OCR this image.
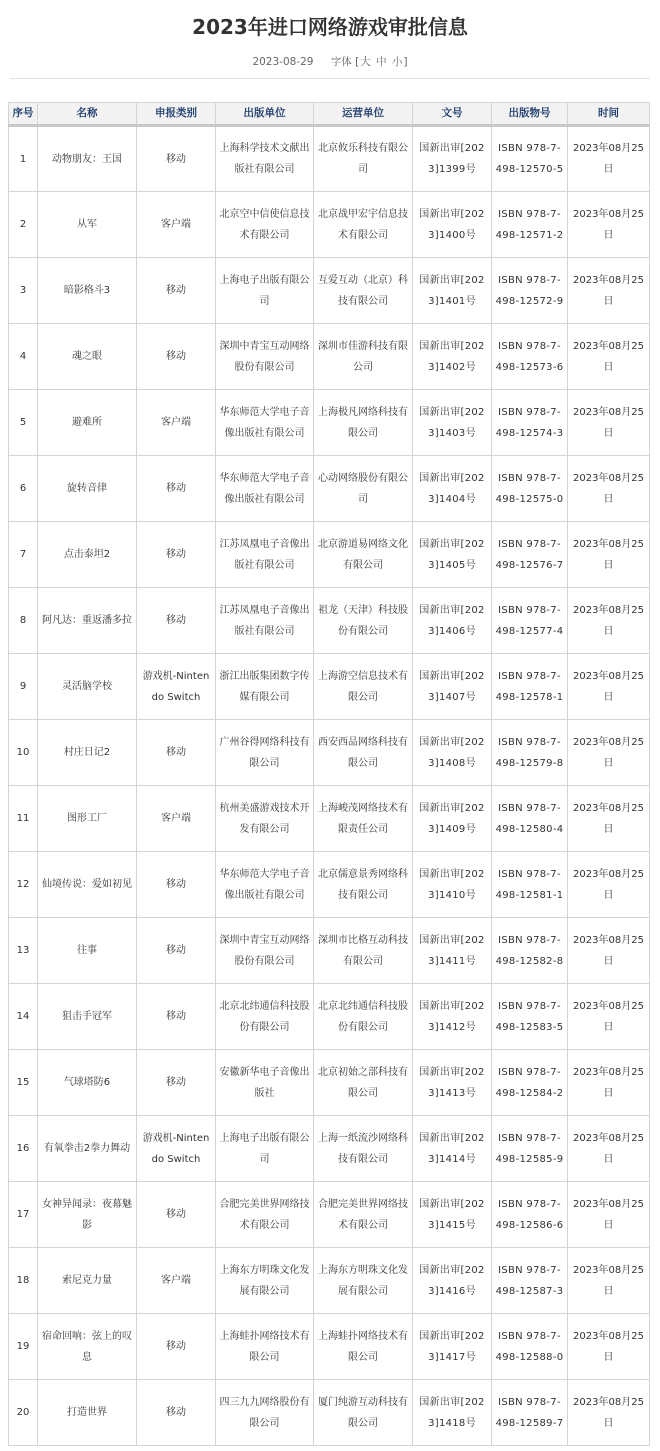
2023年进口网络游戏审批信息
2023-08-29 字体 [大 中 小]
序号	名称	申报类别	出版单位	运营单位	文号	出版物号	时间
1	动物朋友：王国	移动	上海科学技术文献出版社有限公司	北京攸乐科技有限公司	国新出审[2023]1399号	ISBN 978-7-498-12570-5	2023年08月25日
2	从军	客户端	北京空中信使信息技术有限公司	北京战甲宏宇信息技术有限公司	国新出审[2023]1400号	ISBN 978-7-498-12571-2	2023年08月25日
3	暗影格斗3	移动	上海电子出版有限公司	互爱互动（北京）科技有限公司	国新出审[2023]1401号	ISBN 978-7-498-12572-9	2023年08月25日
4	魂之眼	移动	深圳中青宝互动网络股份有限公司	深圳市佳游科技有限公司	国新出审[2023]1402号	ISBN 978-7-498-12573-6	2023年08月25日
5	避难所	客户端	华东师范大学电子音像出版社有限公司	上海极凡网络科技有限公司	国新出审[2023]1403号	ISBN 978-7-498-12574-3	2023年08月25日
6	旋转音律	移动	华东师范大学电子音像出版社有限公司	心动网络股份有限公司	国新出审[2023]1404号	ISBN 978-7-498-12575-0	2023年08月25日
7	点击泰坦2	移动	江苏凤凰电子音像出版社有限公司	北京游道易网络文化有限公司	国新出审[2023]1405号	ISBN 978-7-498-12576-7	2023年08月25日
8	阿凡达：重返潘多拉	移动	江苏凤凰电子音像出版社有限公司	祖龙（天津）科技股份有限公司	国新出审[2023]1406号	ISBN 978-7-498-12577-4	2023年08月25日
9	灵活脑学校	游戏机-Nintendo Switch	浙江出版集团数字传媒有限公司	上海游空信息技术有限公司	国新出审[2023]1407号	ISBN 978-7-498-12578-1	2023年08月25日
10	村庄日记2	移动	广州谷得网络科技有限公司	西安西品网络科技有限公司	国新出审[2023]1408号	ISBN 978-7-498-12579-8	2023年08月25日
11	图形工厂	客户端	杭州美盛游戏技术开发有限公司	上海峻茂网络技术有限责任公司	国新出审[2023]1409号	ISBN 978-7-498-12580-4	2023年08月25日
12	仙境传说：爱如初见	移动	华东师范大学电子音像出版社有限公司	北京儒意景秀网络科技有限公司	国新出审[2023]1410号	ISBN 978-7-498-12581-1	2023年08月25日
13	往事	移动	深圳中青宝互动网络股份有限公司	深圳市比格互动科技有限公司	国新出审[2023]1411号	ISBN 978-7-498-12582-8	2023年08月25日
14	狙击手冠军	移动	北京北纬通信科技股份有限公司	北京北纬通信科技股份有限公司	国新出审[2023]1412号	ISBN 978-7-498-12583-5	2023年08月25日
15	气球塔防6	移动	安徽新华电子音像出版社	北京初始之部科技有限公司	国新出审[2023]1413号	ISBN 978-7-498-12584-2	2023年08月25日
16	有氧拳击2拳力舞动	游戏机-Nintendo Switch	上海电子出版有限公司	上海一纸流沙网络科技有限公司	国新出审[2023]1414号	ISBN 978-7-498-12585-9	2023年08月25日
17	女神异闻录：夜幕魅影	移动	合肥完美世界网络技术有限公司	合肥完美世界网络技术有限公司	国新出审[2023]1415号	ISBN 978-7-498-12586-6	2023年08月25日
18	索尼克力量	客户端	上海东方明珠文化发展有限公司	上海东方明珠文化发展有限公司	国新出审[2023]1416号	ISBN 978-7-498-12587-3	2023年08月25日
19	宿命回响：弦上的叹息	移动	上海蛙扑网络技术有限公司	上海蛙扑网络技术有限公司	国新出审[2023]1417号	ISBN 978-7-498-12588-0	2023年08月25日
20	打造世界	移动	四三九九网络股份有限公司	厦门纯游互动科技有限公司	国新出审[2023]1418号	ISBN 978-7-498-12589-7	2023年08月25日
